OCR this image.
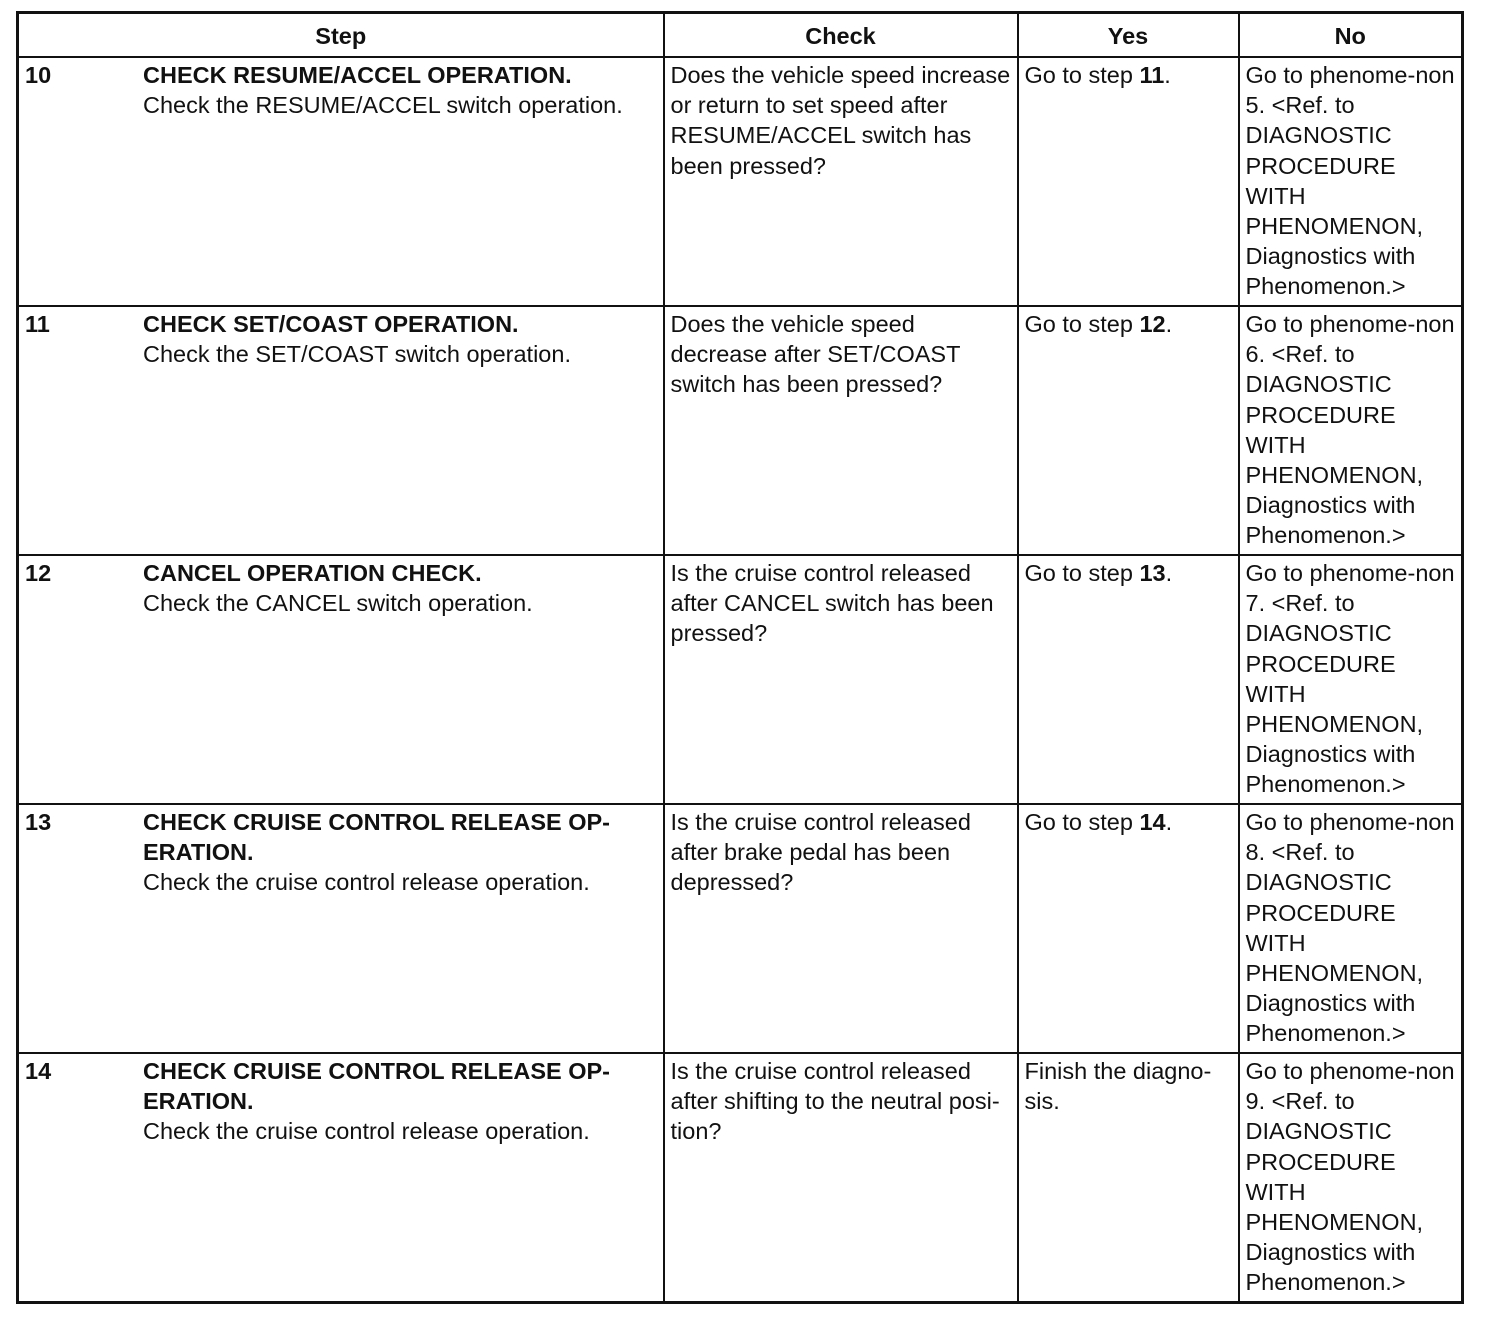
Step	Check	Yes	No

10 CHECK RESUME/ACCEL OPERATION.
Check the RESUME/ACCEL switch operation.	Does the vehicle speed increase or return to set speed after RESUME/ACCEL switch has been pressed?	Go to step 11.	Go to phenome-non 5. <Ref. to DIAGNOSTIC PROCEDURE WITH PHENOMENON, Diagnostics with Phenomenon.>

11 CHECK SET/COAST OPERATION.
Check the SET/COAST switch operation.	Does the vehicle speed decrease after SET/COAST switch has been pressed?	Go to step 12.	Go to phenome-non 6. <Ref. to DIAGNOSTIC PROCEDURE WITH PHENOMENON, Diagnostics with Phenomenon.>

12 CANCEL OPERATION CHECK.
Check the CANCEL switch operation.	Is the cruise control released after CANCEL switch has been pressed?	Go to step 13.	Go to phenome-non 7. <Ref. to DIAGNOSTIC PROCEDURE WITH PHENOMENON, Diagnostics with Phenomenon.>

13 CHECK CRUISE CONTROL RELEASE OP-ERATION.
Check the cruise control release operation.	Is the cruise control released after brake pedal has been depressed?	Go to step 14.	Go to phenome-non 8. <Ref. to DIAGNOSTIC PROCEDURE WITH PHENOMENON, Diagnostics with Phenomenon.>

14 CHECK CRUISE CONTROL RELEASE OP-ERATION.
Check the cruise control release operation.	Is the cruise control released after shifting to the neutral posi-tion?	Finish the diagno-sis.	Go to phenome-non 9. <Ref. to DIAGNOSTIC PROCEDURE WITH PHENOMENON, Diagnostics with Phenomenon.>
